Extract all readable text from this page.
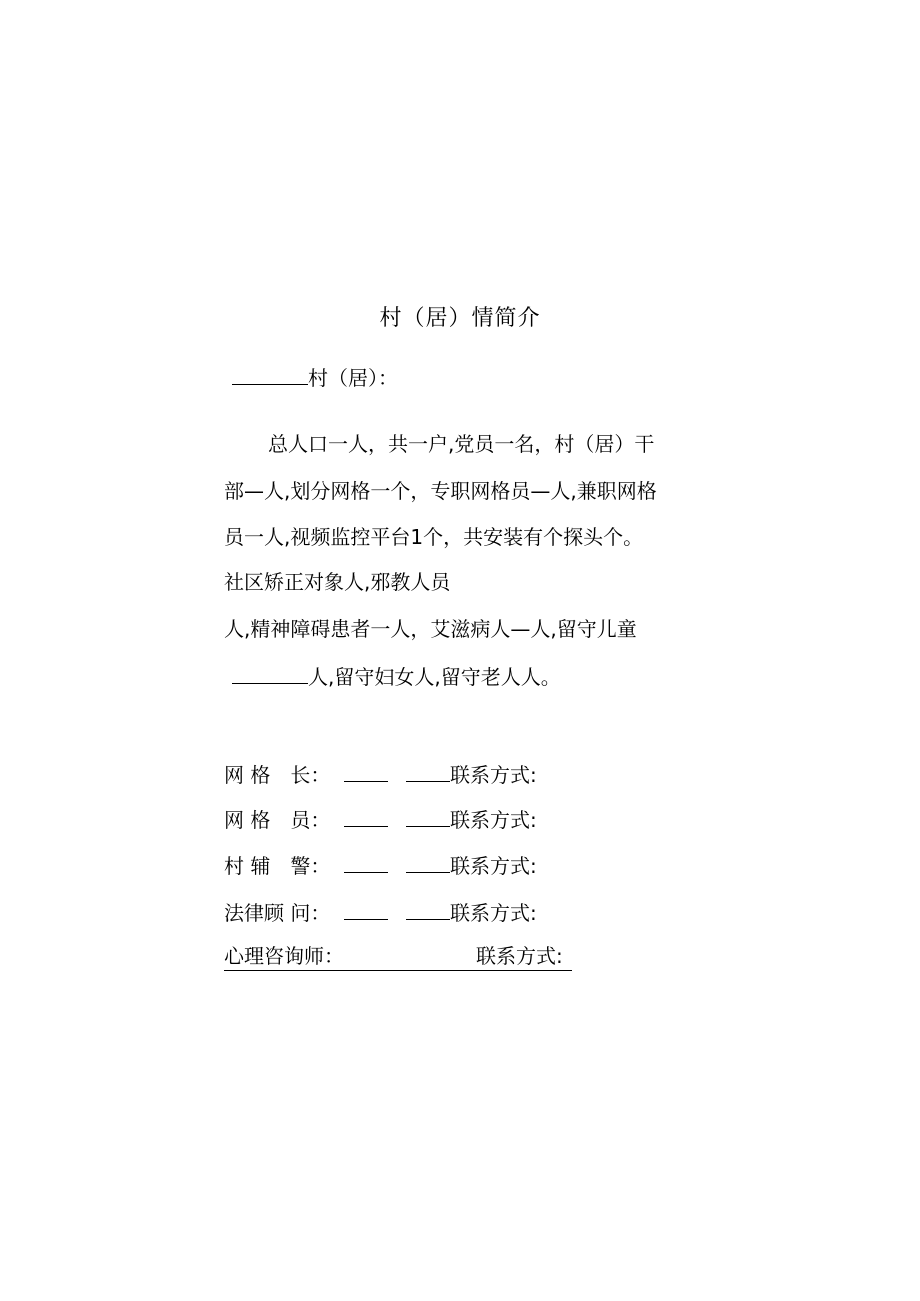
村（居）情简介
村（居）：
总人口一人，共一户,党员一名，村（居）干
部—人,划分网格一个，专职网格员—人,兼职网格
员一人,视频监控平台1个，共安装有个探头个。
社区矫正对象人,邪教人员
人,精神障碍患者一人，艾滋病人—人,留守儿童
人,留守妇女人,留守老人人。
网 格　长：	联系方式:
网 格　员：	联系方式:
村 辅　警：	联系方式:
法律顾 问：	联系方式:
心理咨询师：	联系方式:
